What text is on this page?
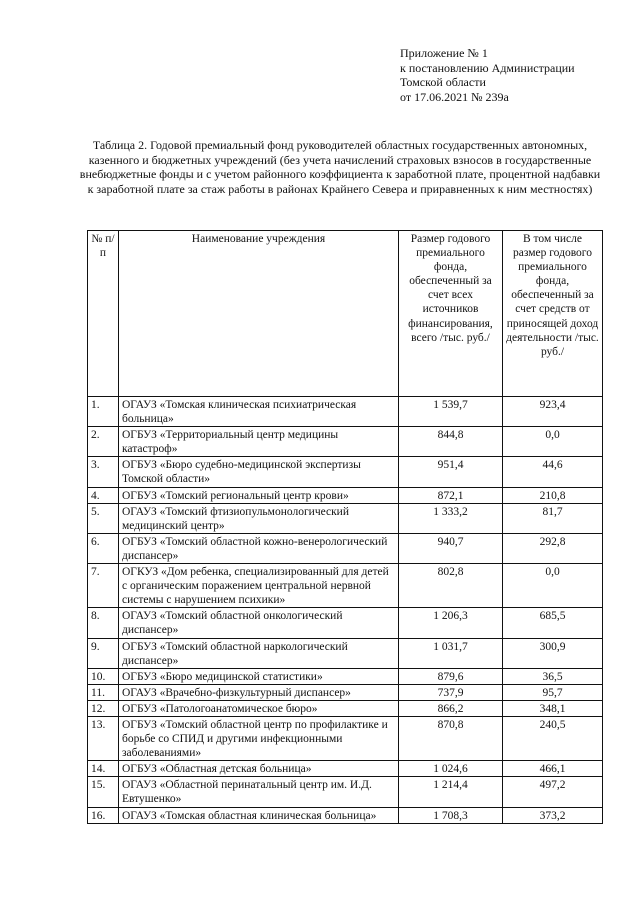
Приложение № 1
к постановлению Администрации
Томской области
от 17.06.2021 № 239а
Таблица 2. Годовой премиальный фонд руководителей областных государственных автономных, казенного и бюджетных учреждений (без учета начислений страховых взносов в государственные внебюджетные фонды и с учетом районного коэффициента к заработной плате, процентной надбавки к заработной плате за стаж работы в районах Крайнего Севера и приравненных к ним местностях)
№ п/п	Наименование учреждения	Размер годового премиального фонда, обеспеченный за счет всех источников финансирования, всего /тыс. руб./	В том числе размер годового премиального фонда, обеспеченный за счет средств от приносящей доход деятельности /тыс. руб./
1.	ОГАУЗ «Томская клиническая психиатрическая больница»	1 539,7	923,4
2.	ОГБУЗ «Территориальный центр медицины катастроф»	844,8	0,0
3.	ОГБУЗ «Бюро судебно-медицинской экспертизы Томской области»	951,4	44,6
4.	ОГБУЗ «Томский региональный центр крови»	872,1	210,8
5.	ОГАУЗ «Томский фтизиопульмонологический медицинский центр»	1 333,2	81,7
6.	ОГБУЗ «Томский областной кожно-венерологический диспансер»	940,7	292,8
7.	ОГКУЗ «Дом ребенка, специализированный для детей с органическим поражением центральной нервной системы с нарушением психики»	802,8	0,0
8.	ОГАУЗ «Томский областной онкологический диспансер»	1 206,3	685,5
9.	ОГБУЗ «Томский областной наркологический диспансер»	1 031,7	300,9
10.	ОГБУЗ «Бюро медицинской статистики»	879,6	36,5
11.	ОГАУЗ «Врачебно-физкультурный диспансер»	737,9	95,7
12.	ОГБУЗ «Патологоанатомическое бюро»	866,2	348,1
13.	ОГБУЗ «Томский областной центр по профилактике и борьбе со СПИД и другими инфекционными заболеваниями»	870,8	240,5
14.	ОГБУЗ «Областная детская больница»	1 024,6	466,1
15.	ОГАУЗ «Областной перинатальный центр им. И.Д. Евтушенко»	1 214,4	497,2
16.	ОГАУЗ «Томская областная клиническая больница»	1 708,3	373,2
